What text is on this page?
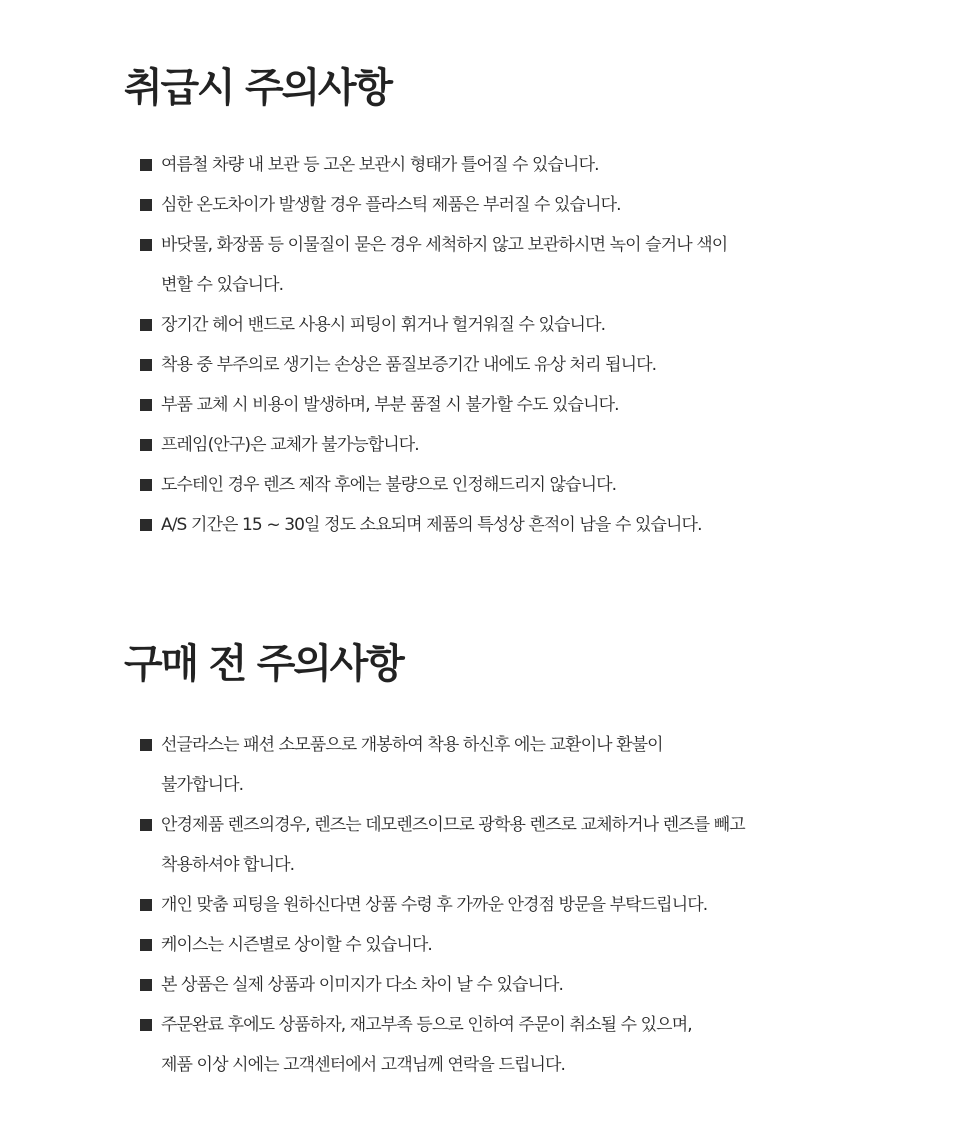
취급시 주의사항
여름철 차량 내 보관 등 고온 보관시 형태가 틀어질 수 있습니다.
심한 온도차이가 발생할 경우 플라스틱 제품은 부러질 수 있습니다.
바닷물, 화장품 등 이물질이 묻은 경우 세척하지 않고 보관하시면 녹이 슬거나 색이
변할 수 있습니다.
장기간 헤어 밴드로 사용시 피팅이 휘거나 헐거워질 수 있습니다.
착용 중 부주의로 생기는 손상은 품질보증기간 내에도 유상 처리 됩니다.
부품 교체 시 비용이 발생하며, 부분 품절 시 불가할 수도 있습니다.
프레임(안구)은 교체가 불가능합니다.
도수테인 경우 렌즈 제작 후에는 불량으로 인정해드리지 않습니다.
A/S 기간은 15 ~ 30일 정도 소요되며 제품의 특성상 흔적이 남을 수 있습니다.
구매 전 주의사항
선글라스는 패션 소모품으로 개봉하여 착용 하신후 에는 교환이나 환불이
불가합니다.
안경제품 렌즈의경우, 렌즈는 데모렌즈이므로 광학용 렌즈로 교체하거나 렌즈를 빼고
착용하셔야 합니다.
개인 맞춤 피팅을 원하신다면 상품 수령 후 가까운 안경점 방문을 부탁드립니다.
케이스는 시즌별로 상이할 수 있습니다.
본 상품은 실제 상품과 이미지가 다소 차이 날 수 있습니다.
주문완료 후에도 상품하자, 재고부족 등으로 인하여 주문이 취소될 수 있으며,
제품 이상 시에는 고객센터에서 고객님께 연락을 드립니다.
